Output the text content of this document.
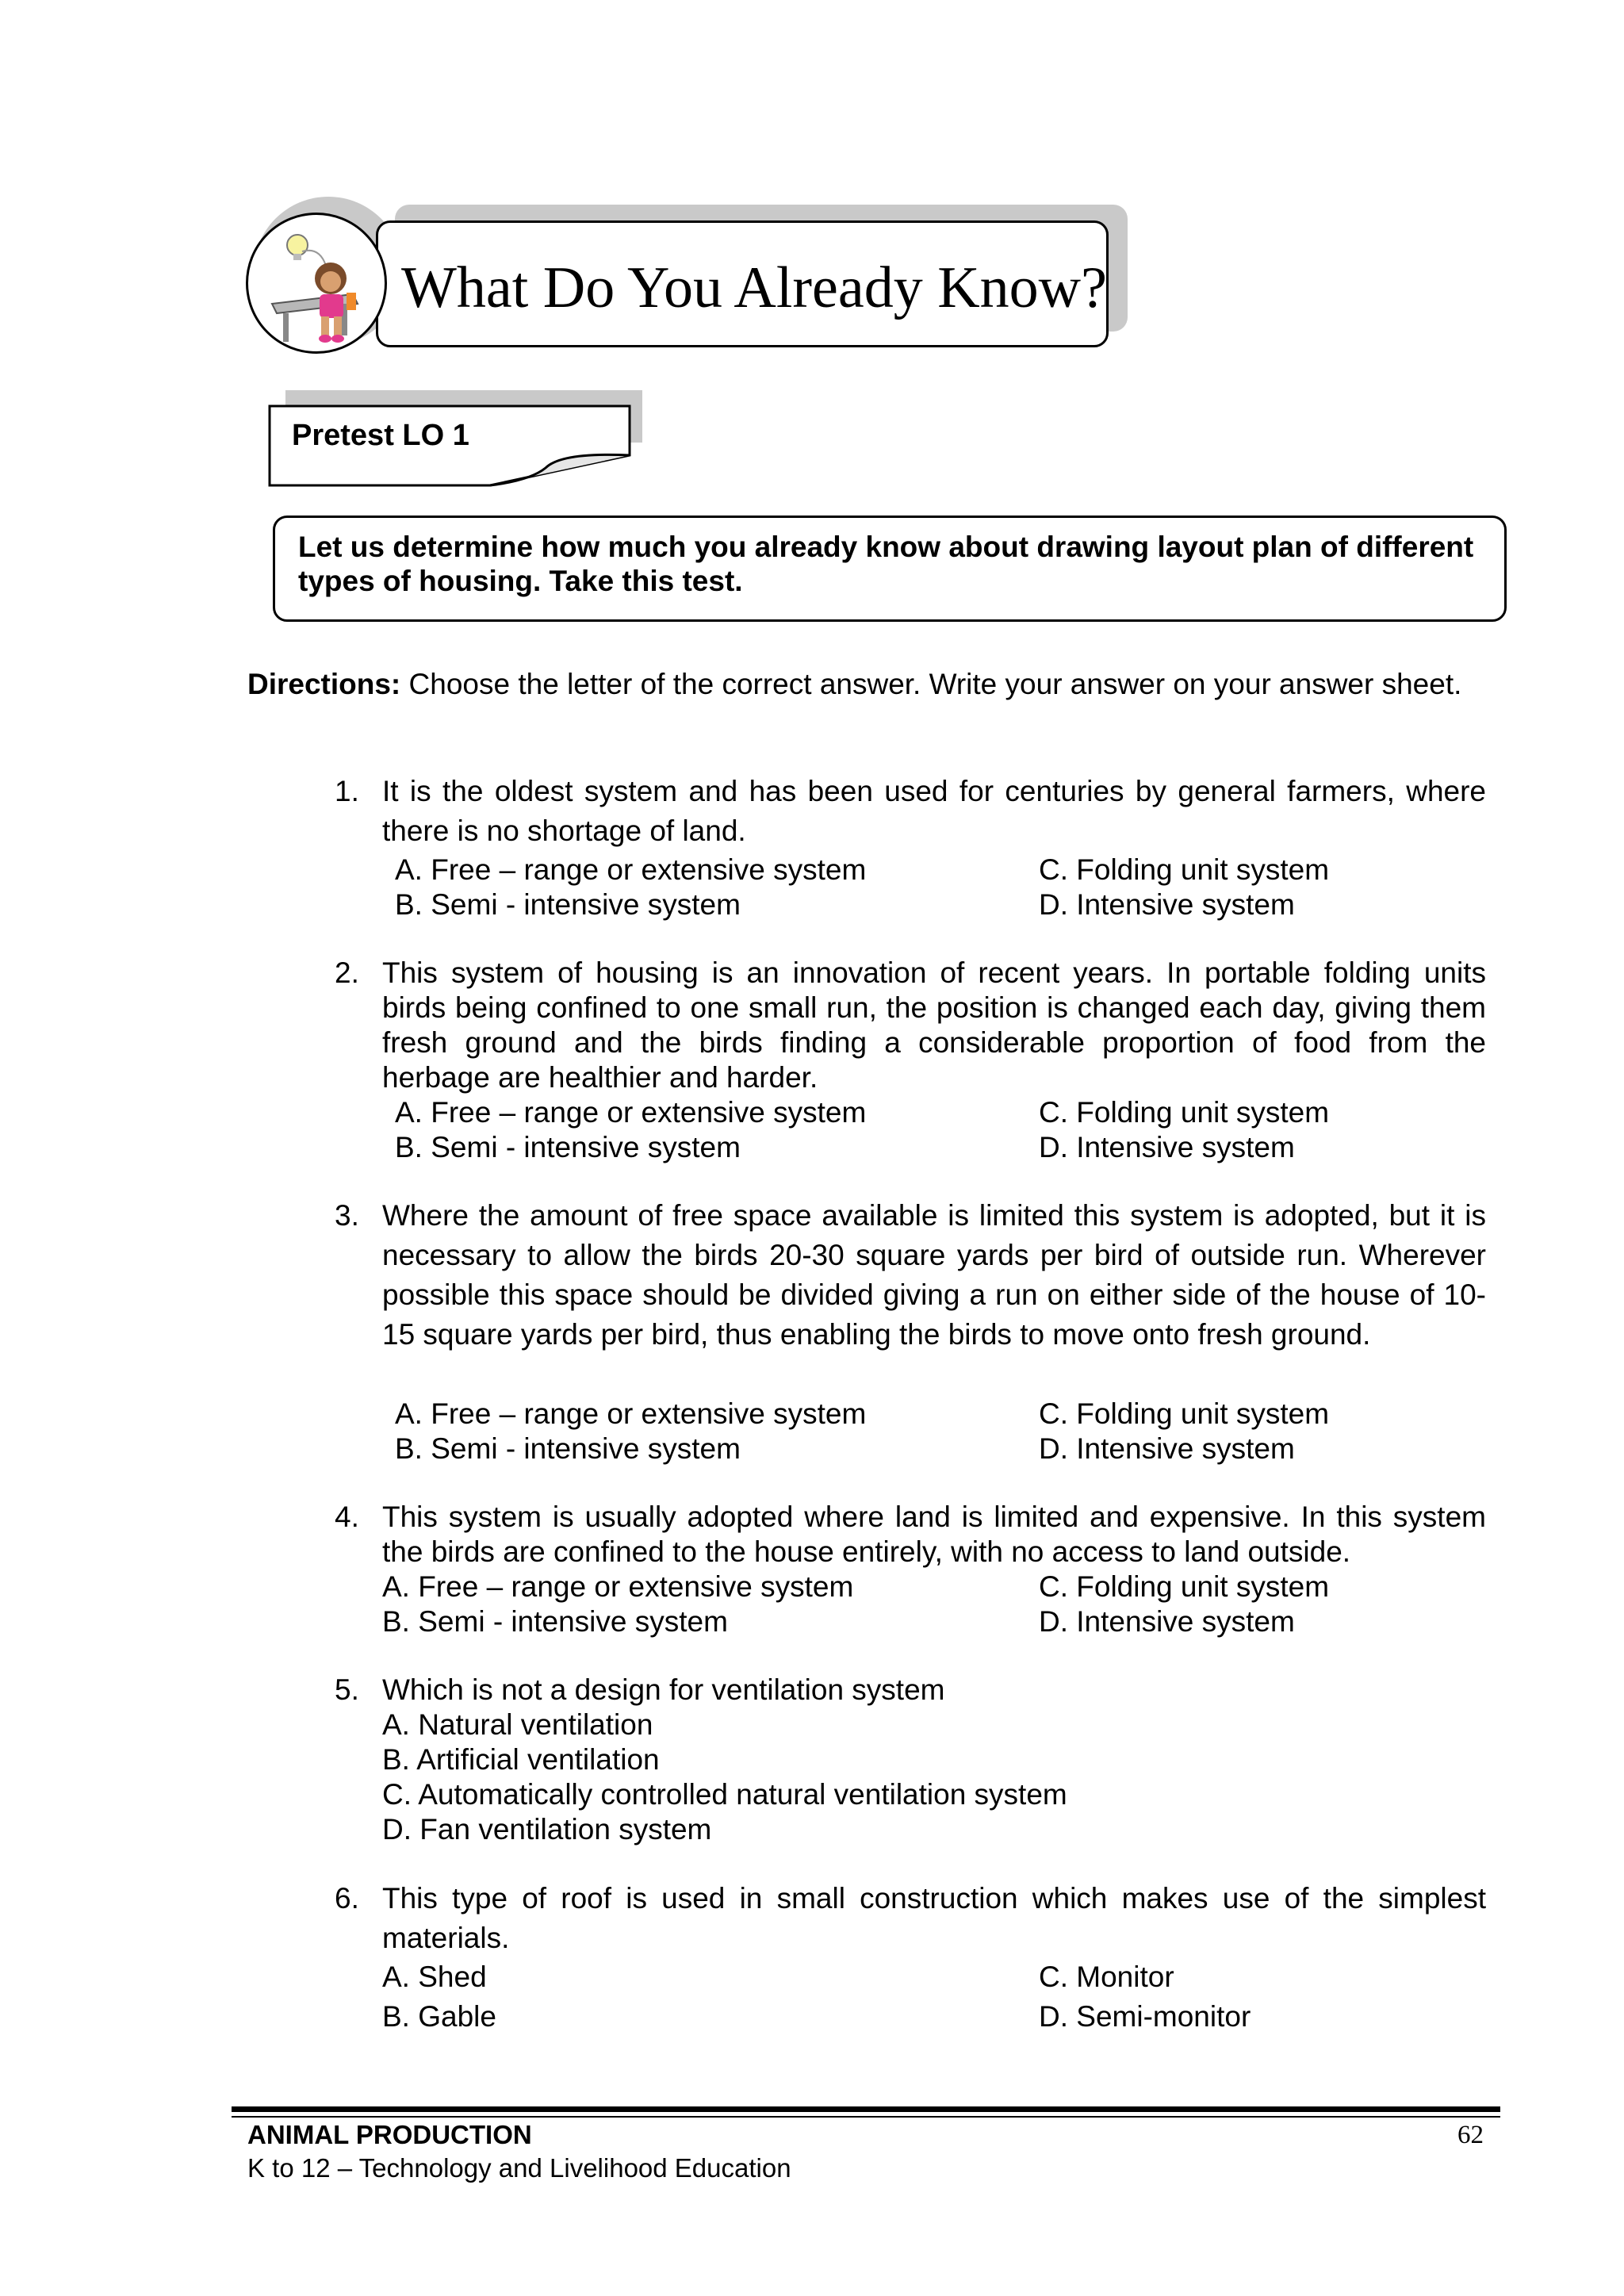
What Do You Already Know?
Pretest LO 1
Let us determine how much you already know about drawing layout plan of different types of housing. Take this test.
Directions: Choose the letter of the correct answer. Write your answer on your answer sheet.
1. It is the oldest system and has been used for centuries by general farmers, where there is no shortage of land.
A. Free – range or extensive system
B. Semi - intensive system
C. Folding unit system
D. Intensive system
2. This system of housing is an innovation of recent years. In portable folding units birds being confined to one small run, the position is changed each day, giving them fresh ground and the birds finding a considerable proportion of food from the herbage are healthier and harder.
A. Free – range or extensive system
B. Semi - intensive system
C. Folding unit system
D. Intensive system
3. Where the amount of free space available is limited this system is adopted, but it is necessary to allow the birds 20-30 square yards per bird of outside run. Wherever possible this space should be divided giving a run on either side of the house of 10-15 square yards per bird, thus enabling the birds to move onto fresh ground.
A. Free – range or extensive system
B. Semi - intensive system
C. Folding unit system
D. Intensive system
4. This system is usually adopted where land is limited and expensive. In this system the birds are confined to the house entirely, with no access to land outside.
A. Free – range or extensive system
B. Semi - intensive system
C. Folding unit system
D. Intensive system
5. Which is not a design for ventilation system
A. Natural ventilation
B. Artificial ventilation
C. Automatically controlled natural ventilation system
D. Fan ventilation system
6. This type of roof is used in small construction which makes use of the simplest materials.
A. Shed
B. Gable
C. Monitor
D. Semi-monitor
ANIMAL PRODUCTION
K to 12 – Technology and Livelihood Education
62
